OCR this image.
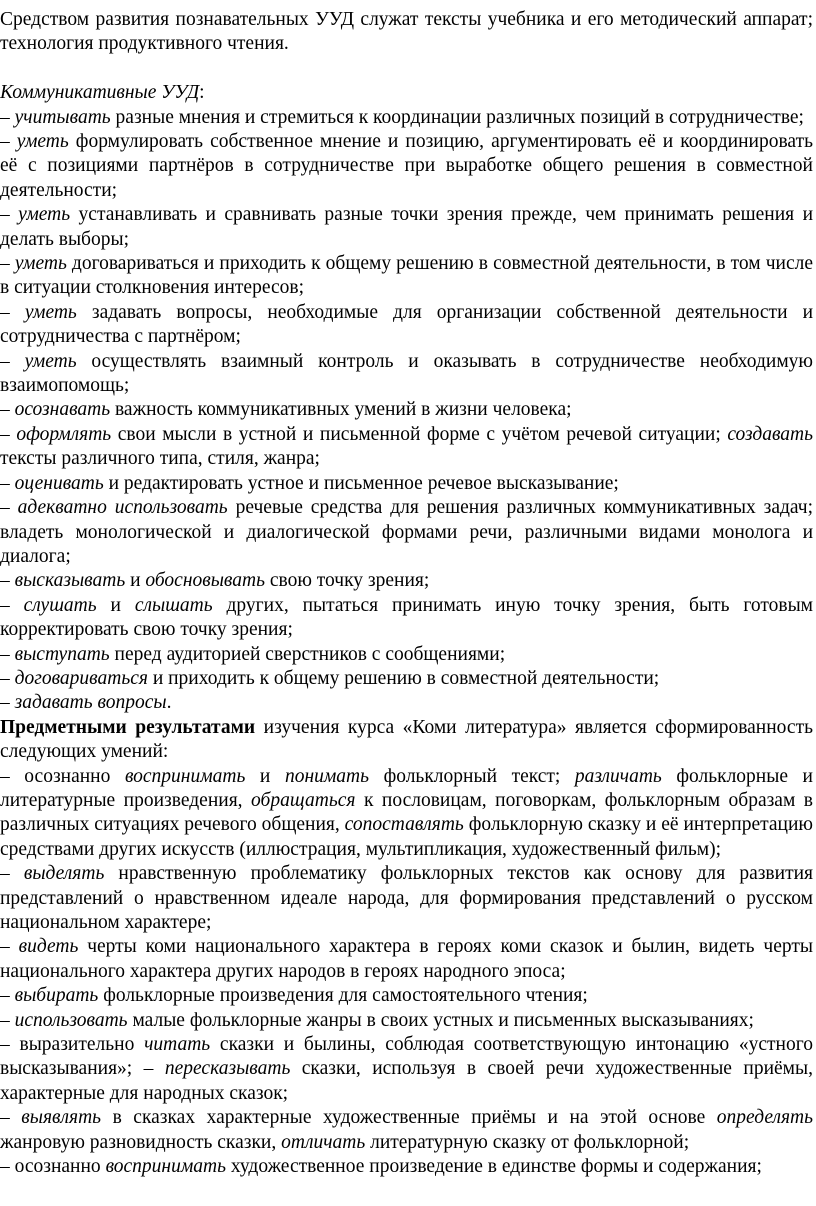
Средством развития познавательных УУД служат тексты учебника и его методический аппарат; технология продуктивного чтения.

Коммуникативные УУД:

– учитывать разные мнения и стремиться к координации различных позиций в сотрудничестве;

– уметь формулировать собственное мнение и позицию, аргументировать её и координировать её с позициями партнёров в сотрудничестве при выработке общего решения в совместной деятельности;

– уметь устанавливать и сравнивать разные точки зрения прежде, чем принимать решения и делать выборы;

– уметь договариваться и приходить к общему решению в совместной деятельности, в том числе в ситуации столкновения интересов;

– уметь задавать вопросы, необходимые для организации собственной деятельности и сотрудничества с партнёром;

– уметь осуществлять взаимный контроль и оказывать в сотрудничестве необходимую взаимопомощь;

– осознавать важность коммуникативных умений в жизни человека;

– оформлять свои мысли в устной и письменной форме с учётом речевой ситуации; создавать тексты различного типа, стиля, жанра;

– оценивать и редактировать устное и письменное речевое высказывание;

– адекватно использовать речевые средства для решения различных коммуникативных задач; владеть монологической и диалогической формами речи, различными видами монолога и диалога;

– высказывать и обосновывать свою точку зрения;

– слушать и слышать других, пытаться принимать иную точку зрения, быть готовым корректировать свою точку зрения;

– выступать перед аудиторией сверстников с сообщениями;

– договариваться и приходить к общему решению в совместной деятельности;

– задавать вопросы.

Предметными результатами изучения курса «Коми литература» является сформированность следующих умений:

– осознанно воспринимать и понимать фольклорный текст; различать фольклорные и литературные произведения, обращаться к пословицам, поговоркам, фольклорным образам в различных ситуациях речевого общения, сопоставлять фольклорную сказку и её интерпретацию средствами других искусств (иллюстрация, мультипликация, художественный фильм);

– выделять нравственную проблематику фольклорных текстов как основу для развития представлений о нравственном идеале народа, для формирования представлений о русском национальном характере;

– видеть черты коми национального характера в героях коми сказок и былин, видеть черты национального характера других народов в героях народного эпоса;

– выбирать фольклорные произведения для самостоятельного чтения;

– использовать малые фольклорные жанры в своих устных и письменных высказываниях;

– выразительно читать сказки и былины, соблюдая соответствующую интонацию «устного высказывания»; – пересказывать сказки, используя в своей речи художественные приёмы, характерные для народных сказок;

– выявлять в сказках характерные художественные приёмы и на этой основе определять жанровую разновидность сказки, отличать литературную сказку от фольклорной;

– осознанно воспринимать художественное произведение в единстве формы и содержания;
